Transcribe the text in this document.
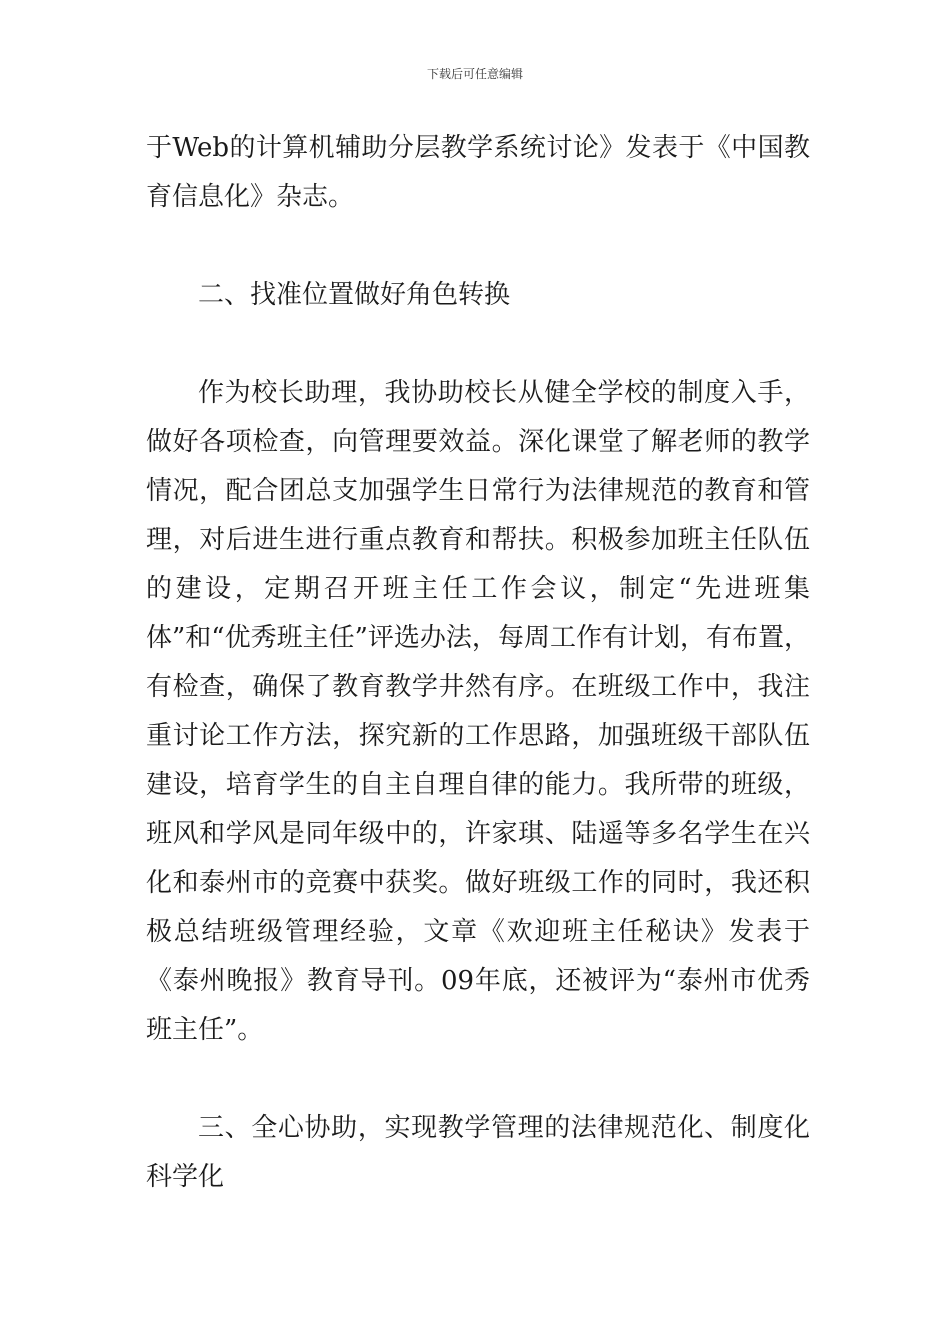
下载后可任意编辑

于Web的计算机辅助分层教学系统讨论》发表于《中国教育信息化》杂志。

二、找准位置做好角色转换

作为校长助理，我协助校长从健全学校的制度入手，做好各项检查，向管理要效益。深化课堂了解老师的教学情况，配合团总支加强学生日常行为法律规范的教育和管理，对后进生进行重点教育和帮扶。积极参加班主任队伍的建设，定期召开班主任工作会议，制定“先进班集体”和“优秀班主任”评选办法，每周工作有计划，有布置，有检查，确保了教育教学井然有序。在班级工作中，我注重讨论工作方法，探究新的工作思路，加强班级干部队伍建设，培育学生的自主自理自律的能力。我所带的班级，班风和学风是同年级中的，许家琪、陆遥等多名学生在兴化和泰州市的竞赛中获奖。做好班级工作的同时，我还积极总结班级管理经验，文章《欢迎班主任秘诀》发表于《泰州晚报》教育导刊。09年底，还被评为“泰州市优秀班主任”。

三、全心协助，实现教学管理的法律规范化、制度化科学化
